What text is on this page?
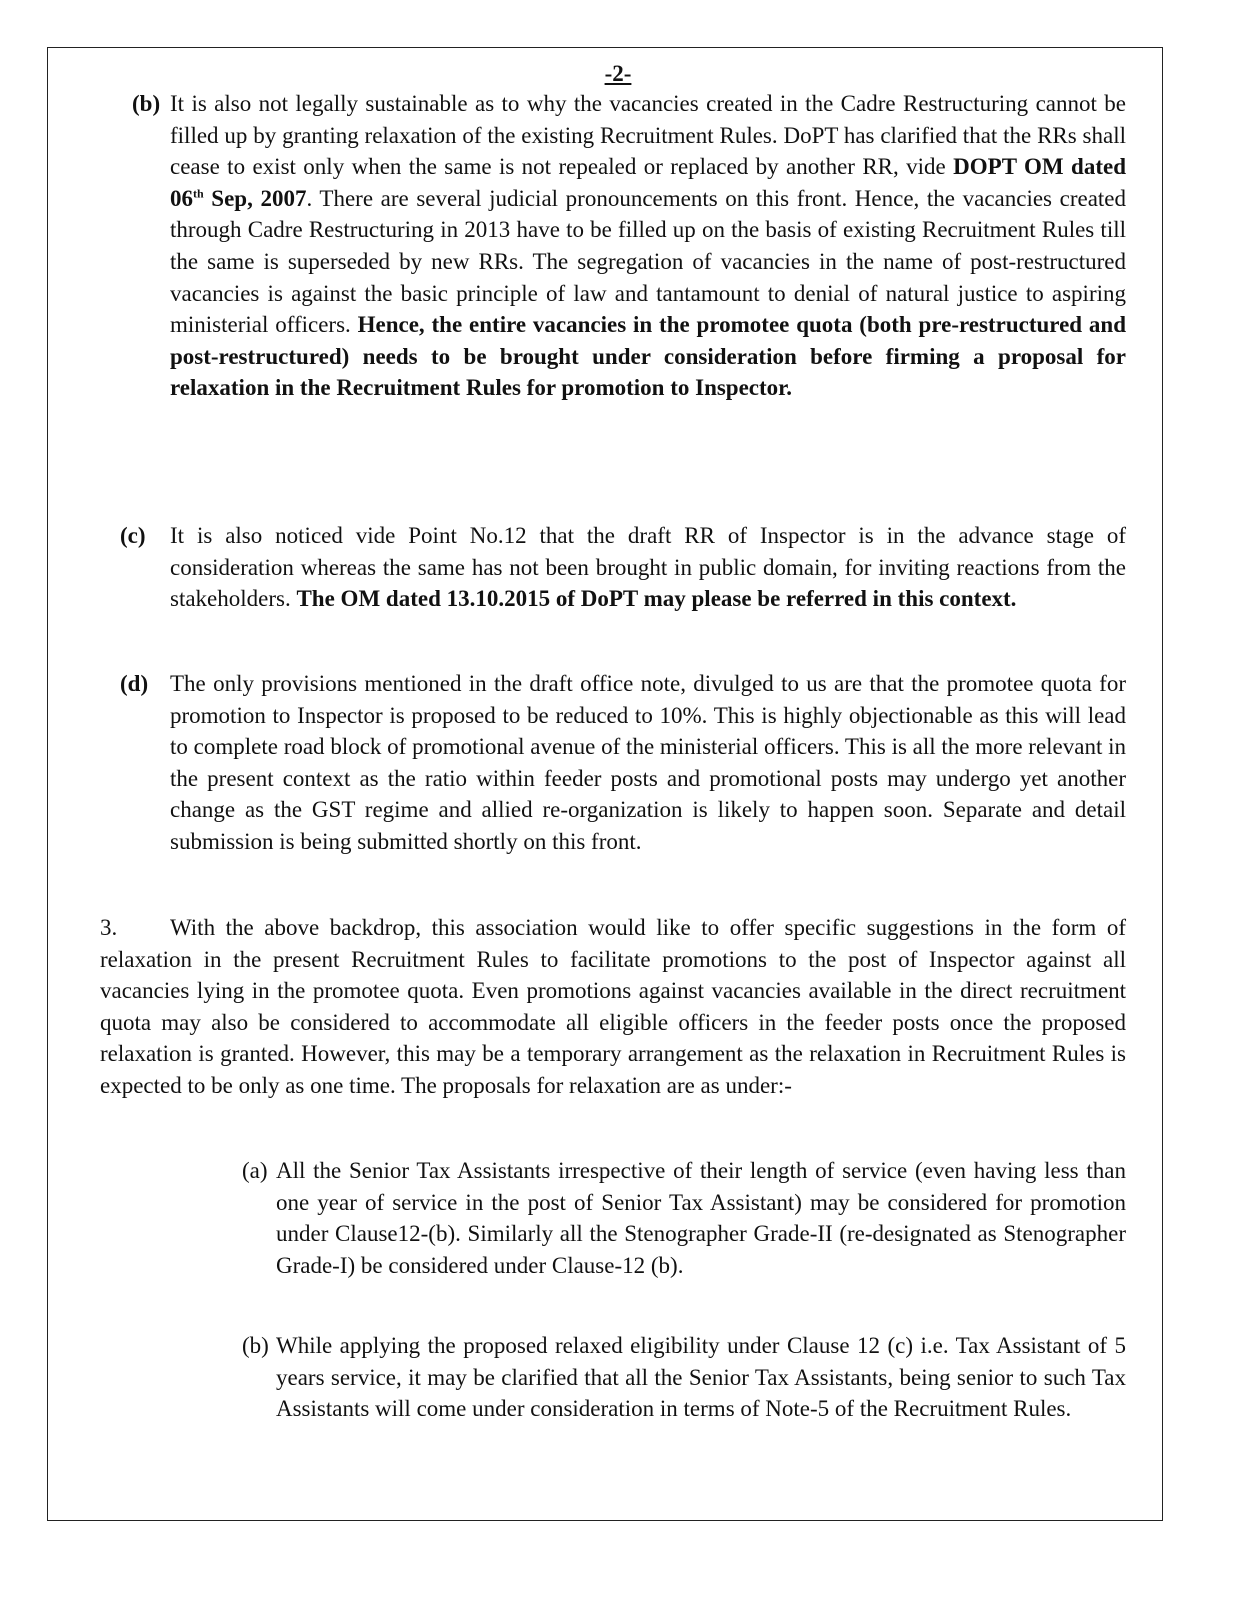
-2-
(b) It is also not legally sustainable as to why the vacancies created in the Cadre Restructuring cannot be filled up by granting relaxation of the existing Recruitment Rules. DoPT has clarified that the RRs shall cease to exist only when the same is not repealed or replaced by another RR, vide DOPT OM dated 06th Sep, 2007. There are several judicial pronouncements on this front. Hence, the vacancies created through Cadre Restructuring in 2013 have to be filled up on the basis of existing Recruitment Rules till the same is superseded by new RRs. The segregation of vacancies in the name of post-restructured vacancies is against the basic principle of law and tantamount to denial of natural justice to aspiring ministerial officers. Hence, the entire vacancies in the promotee quota (both pre-restructured and post-restructured) needs to be brought under consideration before firming a proposal for relaxation in the Recruitment Rules for promotion to Inspector.

(c) It is also noticed vide Point No.12 that the draft RR of Inspector is in the advance stage of consideration whereas the same has not been brought in public domain, for inviting reactions from the stakeholders. The OM dated 13.10.2015 of DoPT may please be referred in this context.

(d) The only provisions mentioned in the draft office note, divulged to us are that the promotee quota for promotion to Inspector is proposed to be reduced to 10%. This is highly objectionable as this will lead to complete road block of promotional avenue of the ministerial officers. This is all the more relevant in the present context as the ratio within feeder posts and promotional posts may undergo yet another change as the GST regime and allied re-organization is likely to happen soon. Separate and detail submission is being submitted shortly on this front.

3. With the above backdrop, this association would like to offer specific suggestions in the form of relaxation in the present Recruitment Rules to facilitate promotions to the post of Inspector against all vacancies lying in the promotee quota. Even promotions against vacancies available in the direct recruitment quota may also be considered to accommodate all eligible officers in the feeder posts once the proposed relaxation is granted. However, this may be a temporary arrangement as the relaxation in Recruitment Rules is expected to be only as one time. The proposals for relaxation are as under:-

(a) All the Senior Tax Assistants irrespective of their length of service (even having less than one year of service in the post of Senior Tax Assistant) may be considered for promotion under Clause12-(b). Similarly all the Stenographer Grade-II (re-designated as Stenographer Grade-I) be considered under Clause-12 (b).

(b) While applying the proposed relaxed eligibility under Clause 12 (c) i.e. Tax Assistant of 5 years service, it may be clarified that all the Senior Tax Assistants, being senior to such Tax Assistants will come under consideration in terms of Note-5 of the Recruitment Rules.
